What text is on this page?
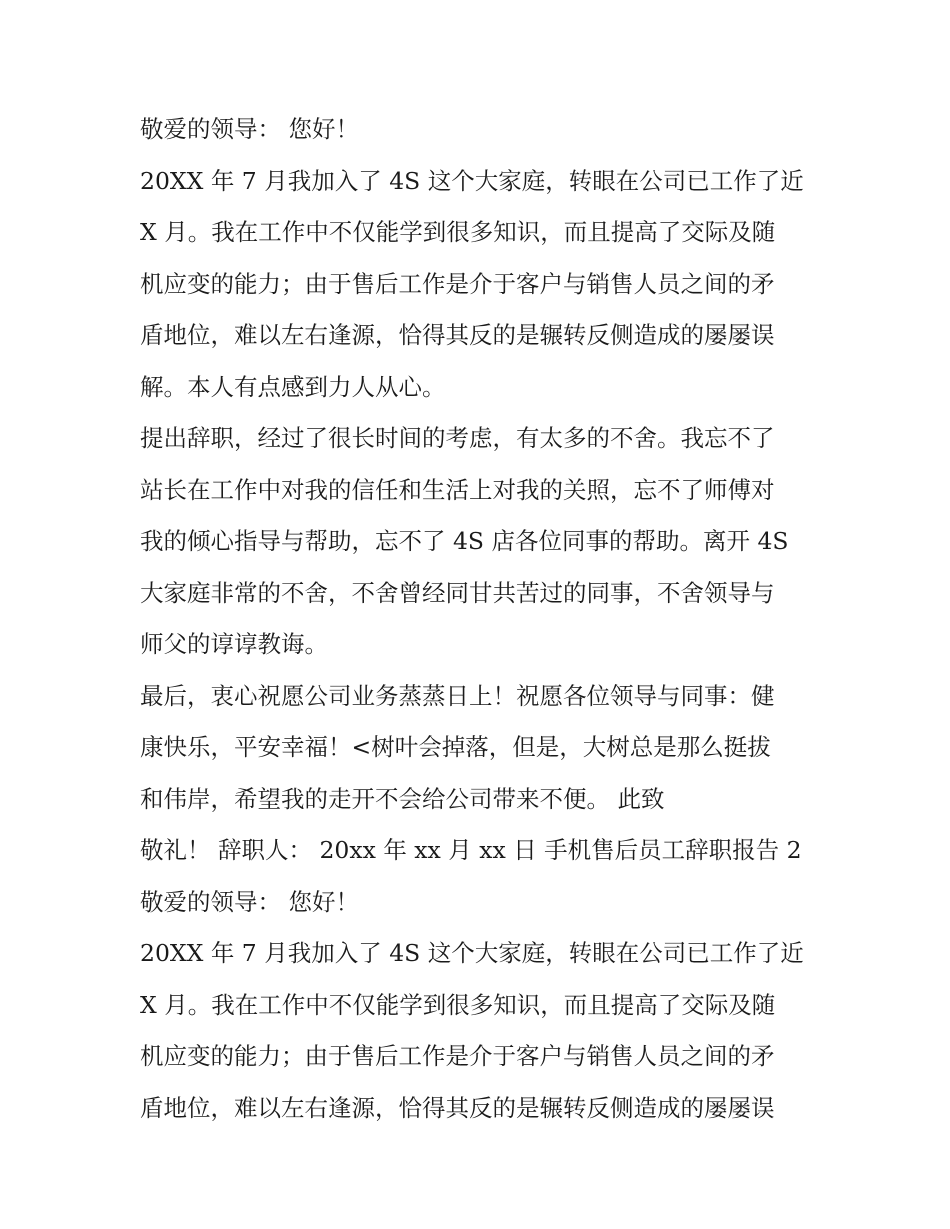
敬爱的领导： 您好！
20XX 年 7 月我加入了 4S 这个大家庭，转眼在公司已工作了近
X 月。我在工作中不仅能学到很多知识，而且提高了交际及随
机应变的能力；由于售后工作是介于客户与销售人员之间的矛
盾地位，难以左右逢源，恰得其反的是辗转反侧造成的屡屡误
解。本人有点感到力人从心。
提出辞职，经过了很长时间的考虑，有太多的不舍。我忘不了
站长在工作中对我的信任和生活上对我的关照，忘不了师傅对
我的倾心指导与帮助，忘不了 4S 店各位同事的帮助。离开 4S
大家庭非常的不舍，不舍曾经同甘共苦过的同事，不舍领导与
师父的谆谆教诲。
最后，衷心祝愿公司业务蒸蒸日上！祝愿各位领导与同事：健
康快乐，平安幸福！<树叶会掉落，但是，大树总是那么挺拔
和伟岸，希望我的走开不会给公司带来不便。 此致
敬礼！ 辞职人： 20xx 年 xx 月 xx 日 手机售后员工辞职报告 2
敬爱的领导： 您好！
20XX 年 7 月我加入了 4S 这个大家庭，转眼在公司已工作了近
X 月。我在工作中不仅能学到很多知识，而且提高了交际及随
机应变的能力；由于售后工作是介于客户与销售人员之间的矛
盾地位，难以左右逢源，恰得其反的是辗转反侧造成的屡屡误
